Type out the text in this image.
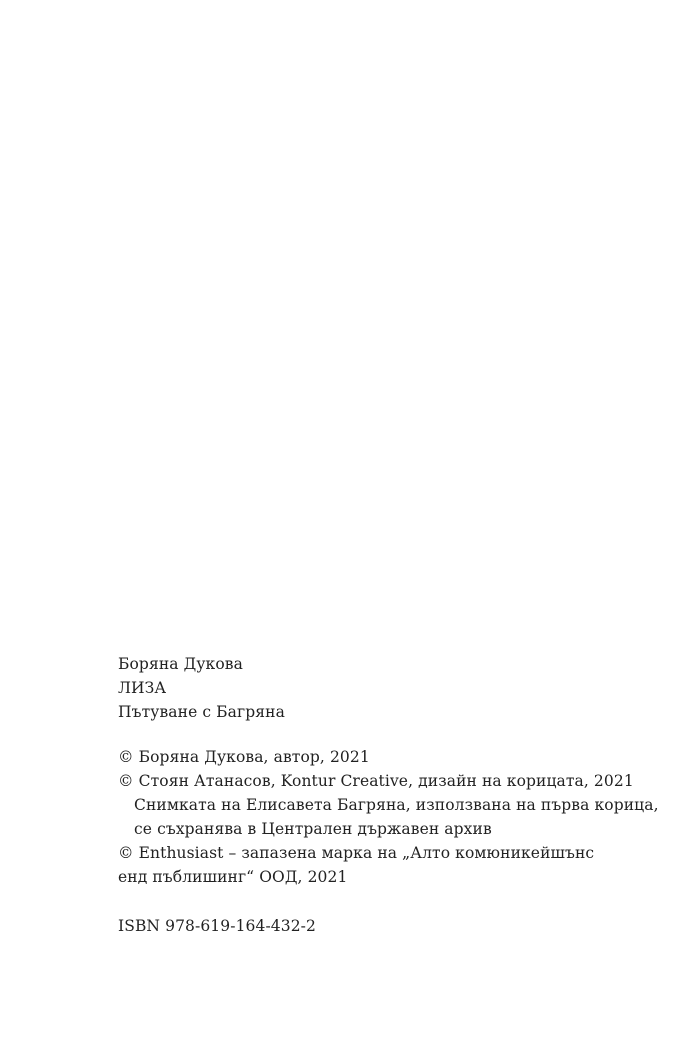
Боряна Дукова
ЛИЗА
Пътуване с Багряна
© Боряна Дукова, автор, 2021
© Стоян Атанасов, Kontur Creative, дизайн на корицата, 2021
Снимката на Елисавета Багряна, използвана на първа корица,
се съхранява в Централен държавен архив
© Enthusiast – запазена марка на „Алто комюникейшънс
енд пъблишинг“ ООД, 2021
ISBN 978-619-164-432-2
